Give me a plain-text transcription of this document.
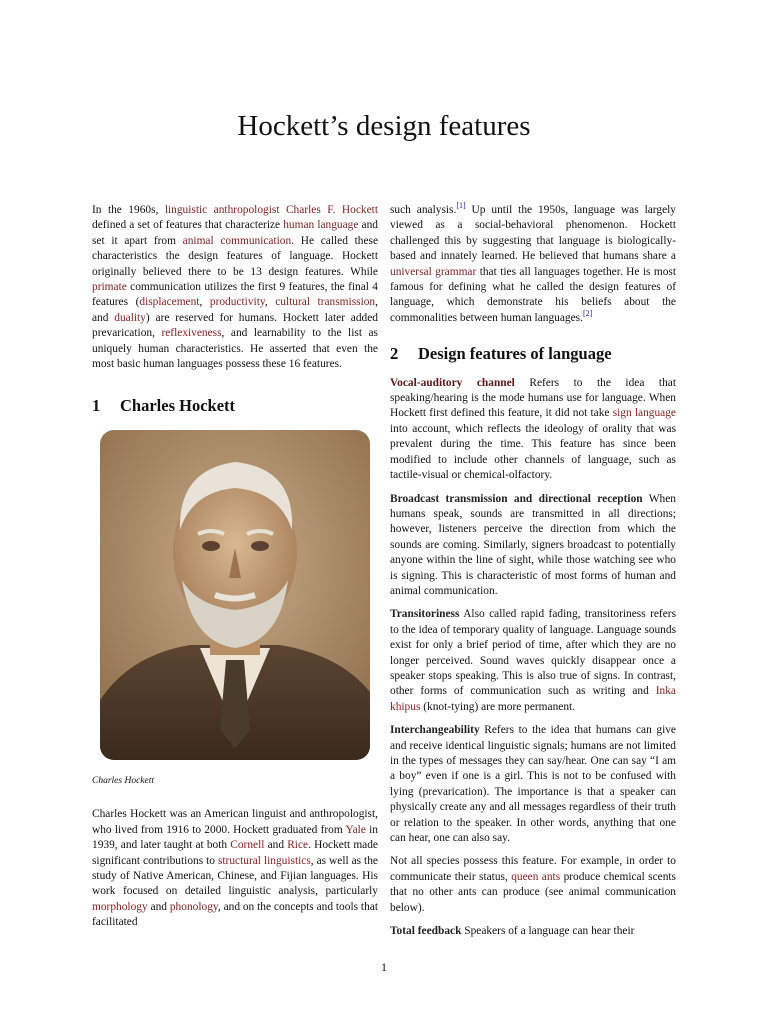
Hockett’s design features

In the 1960s, linguistic anthropologist Charles F. Hockett defined a set of features that characterize human language and set it apart from animal communication. He called these characteristics the design features of language. Hockett originally believed there to be 13 design features. While primate communication utilizes the first 9 features, the final 4 features (displacement, productivity, cultural transmission, and duality) are reserved for humans. Hockett later added prevarication, reflexiveness, and learnability to the list as uniquely human characteristics. He asserted that even the most basic human languages possess these 16 features.

1 Charles Hockett
Charles Hockett

Charles Hockett was an American linguist and anthropologist, who lived from 1916 to 2000. Hockett graduated from Yale in 1939, and later taught at both Cornell and Rice. Hockett made significant contributions to structural linguistics, as well as the study of Native American, Chinese, and Fijian languages. His work focused on detailed linguistic analysis, particularly morphology and phonology, and on the concepts and tools that facilitated

such analysis.[1] Up until the 1950s, language was largely viewed as a social-behavioral phenomenon. Hockett challenged this by suggesting that language is biologically-based and innately learned. He believed that humans share a universal grammar that ties all languages together. He is most famous for defining what he called the design features of language, which demonstrate his beliefs about the commonalities between human languages.[2]

2 Design features of language

Vocal-auditory channel Refers to the idea that speaking/hearing is the mode humans use for language. When Hockett first defined this feature, it did not take sign language into account, which reflects the ideology of orality that was prevalent during the time. This feature has since been modified to include other channels of language, such as tactile-visual or chemical-olfactory.

Broadcast transmission and directional reception When humans speak, sounds are transmitted in all directions; however, listeners perceive the direction from which the sounds are coming. Similarly, signers broadcast to potentially anyone within the line of sight, while those watching see who is signing. This is characteristic of most forms of human and animal communication.

Transitoriness Also called rapid fading, transitoriness refers to the idea of temporary quality of language. Language sounds exist for only a brief period of time, after which they are no longer perceived. Sound waves quickly disappear once a speaker stops speaking. This is also true of signs. In contrast, other forms of communication such as writing and Inka khipus (knot-tying) are more permanent.

Interchangeability Refers to the idea that humans can give and receive identical linguistic signals; humans are not limited in the types of messages they can say/hear. One can say “I am a boy” even if one is a girl. This is not to be confused with lying (prevarication). The importance is that a speaker can physically create any and all messages regardless of their truth or relation to the speaker. In other words, anything that one can hear, one can also say.

Not all species possess this feature. For example, in order to communicate their status, queen ants produce chemical scents that no other ants can produce (see animal communication below).

Total feedback Speakers of a language can hear their

1
